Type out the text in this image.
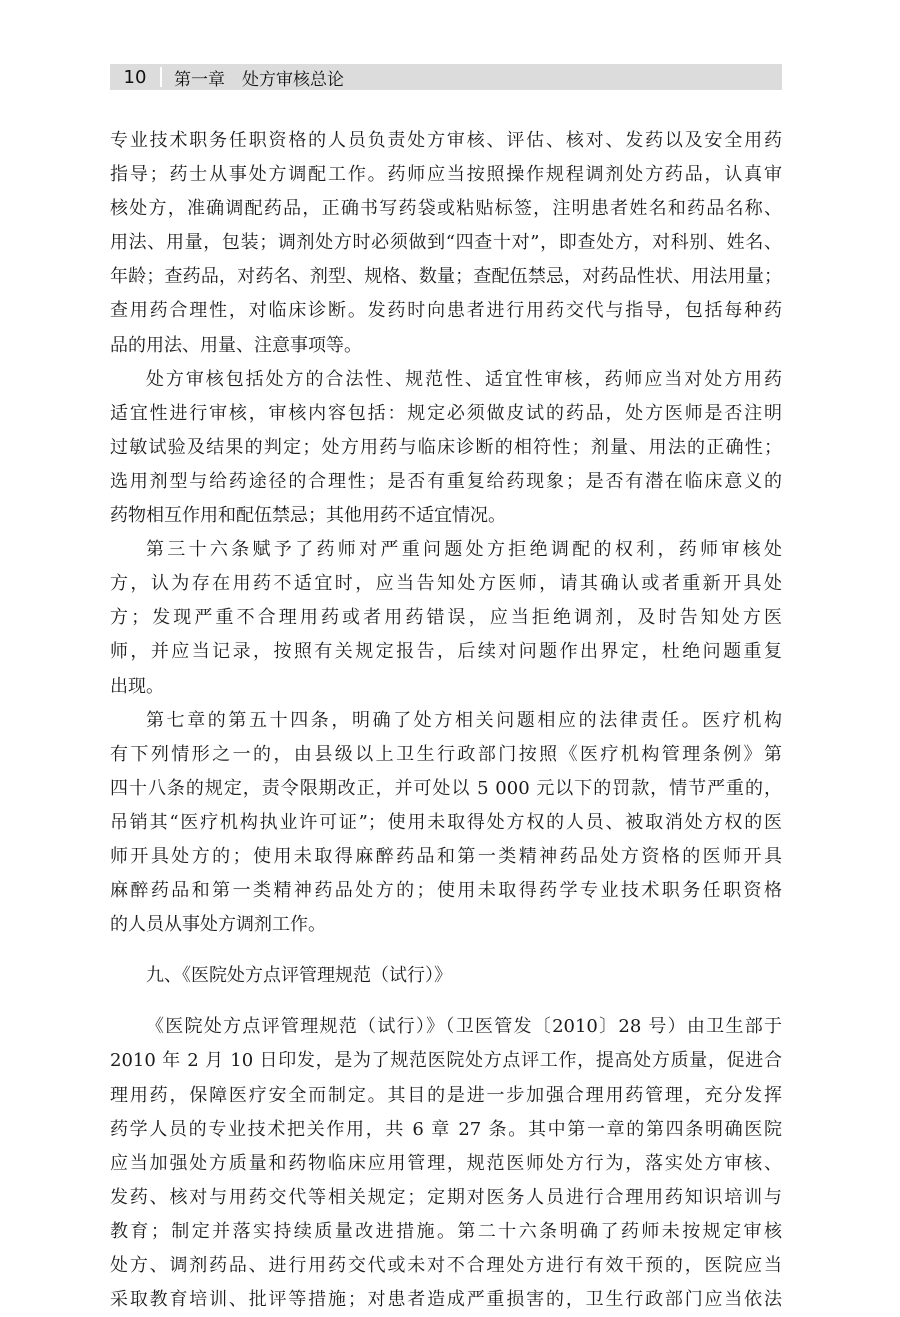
10	第一章　处方审核总论
专业技术职务任职资格的人员负责处方审核、评估、核对、发药以及安全用药
指导；药士从事处方调配工作。药师应当按照操作规程调剂处方药品，认真审
核处方，准确调配药品，正确书写药袋或粘贴标签，注明患者姓名和药品名称、
用法、用量，包装；调剂处方时必须做到“四查十对”，即查处方，对科别、姓名、
年龄；查药品，对药名、剂型、规格、数量；查配伍禁忌，对药品性状、用法用量；
查用药合理性，对临床诊断。发药时向患者进行用药交代与指导，包括每种药
品的用法、用量、注意事项等。
处方审核包括处方的合法性、规范性、适宜性审核，药师应当对处方用药
适宜性进行审核，审核内容包括：规定必须做皮试的药品，处方医师是否注明
过敏试验及结果的判定；处方用药与临床诊断的相符性；剂量、用法的正确性；
选用剂型与给药途径的合理性；是否有重复给药现象；是否有潜在临床意义的
药物相互作用和配伍禁忌；其他用药不适宜情况。
第三十六条赋予了药师对严重问题处方拒绝调配的权利，药师审核处
方，认为存在用药不适宜时，应当告知处方医师，请其确认或者重新开具处
方；发现严重不合理用药或者用药错误，应当拒绝调剂，及时告知处方医
师，并应当记录，按照有关规定报告，后续对问题作出界定，杜绝问题重复
出现。
第七章的第五十四条，明确了处方相关问题相应的法律责任。医疗机构
有下列情形之一的，由县级以上卫生行政部门按照《医疗机构管理条例》第
四十八条的规定，责令限期改正，并可处以 5 000 元以下的罚款，情节严重的，
吊销其“医疗机构执业许可证”；使用未取得处方权的人员、被取消处方权的医
师开具处方的；使用未取得麻醉药品和第一类精神药品处方资格的医师开具
麻醉药品和第一类精神药品处方的；使用未取得药学专业技术职务任职资格
的人员从事处方调剂工作。
九、《医院处方点评管理规范（试行）》
《医院处方点评管理规范（试行）》（卫医管发〔2010〕28 号）由卫生部于
2010 年 2 月 10 日印发，是为了规范医院处方点评工作，提高处方质量，促进合
理用药，保障医疗安全而制定。其目的是进一步加强合理用药管理，充分发挥
药学人员的专业技术把关作用，共 6 章 27 条。其中第一章的第四条明确医院
应当加强处方质量和药物临床应用管理，规范医师处方行为，落实处方审核、
发药、核对与用药交代等相关规定；定期对医务人员进行合理用药知识培训与
教育；制定并落实持续质量改进措施。第二十六条明确了药师未按规定审核
处方、调剂药品、进行用药交代或未对不合理处方进行有效干预的，医院应当
采取教育培训、批评等措施；对患者造成严重损害的，卫生行政部门应当依法
